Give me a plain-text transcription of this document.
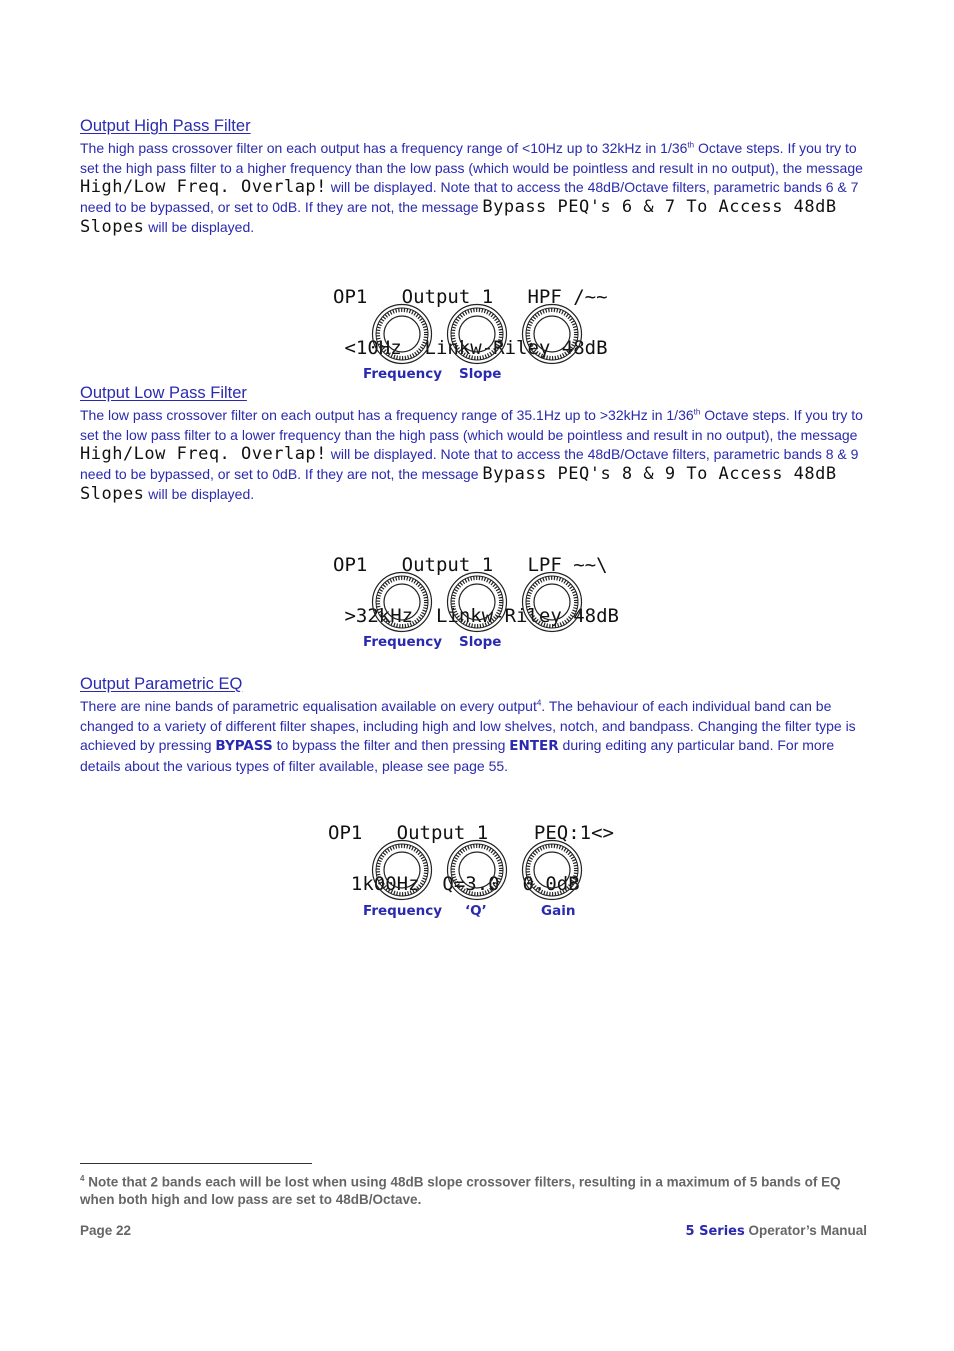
Output High Pass Filter

The high pass crossover filter on each output has a frequency range of <10Hz up to 32kHz in 1/36th Octave steps. If you try to set the high pass filter to a higher frequency than the low pass (which would be pointless and result in no output), the message High/Low Freq. Overlap! will be displayed. Note that to access the 48dB/Octave filters, parametric bands 6 & 7 need to be bypassed, or set to 0dB. If they are not, the message Bypass PEQ's 6 & 7 To Access 48dB Slopes will be displayed.

OP1   Output 1   HPF /~~

<10Hz  Linkw-Riley 48dB

Frequency Slope
Output Low Pass Filter

The low pass crossover filter on each output has a frequency range of 35.1Hz up to >32kHz in 1/36th Octave steps. If you try to set the low pass filter to a lower frequency than the high pass (which would be pointless and result in no output), the message High/Low Freq. Overlap! will be displayed. Note that to access the 48dB/Octave filters, parametric bands 8 & 9 need to be bypassed, or set to 0dB. If they are not, the message Bypass PEQ's 8 & 9 To Access 48dB Slopes will be displayed.

OP1   Output 1   LPF ~~\

>32kHz  Linkw-Riley 48dB

Frequency Slope
Output Parametric EQ

There are nine bands of parametric equalisation available on every output$^4$. The behaviour of each individual band can be changed to a variety of different filter shapes, including high and low shelves, notch, and bandpass. Changing the filter type is achieved by pressing BYPASS to bypass the filter and then pressing ENTER during editing any particular band. For more details about the various types of filter available, please see page 55.

OP1   Output 1    PEQ:1<>

1k00Hz  Q=3.0  0.0dB

Frequency ‘Q’	Gain
$^4$ Note that 2 bands each will be lost when using 48dB slope crossover filters, resulting in a maximum of 5 bands of EQ when both high and low pass are set to 48dB/Octave.
Page 22	5 Series Operator’s Manual
